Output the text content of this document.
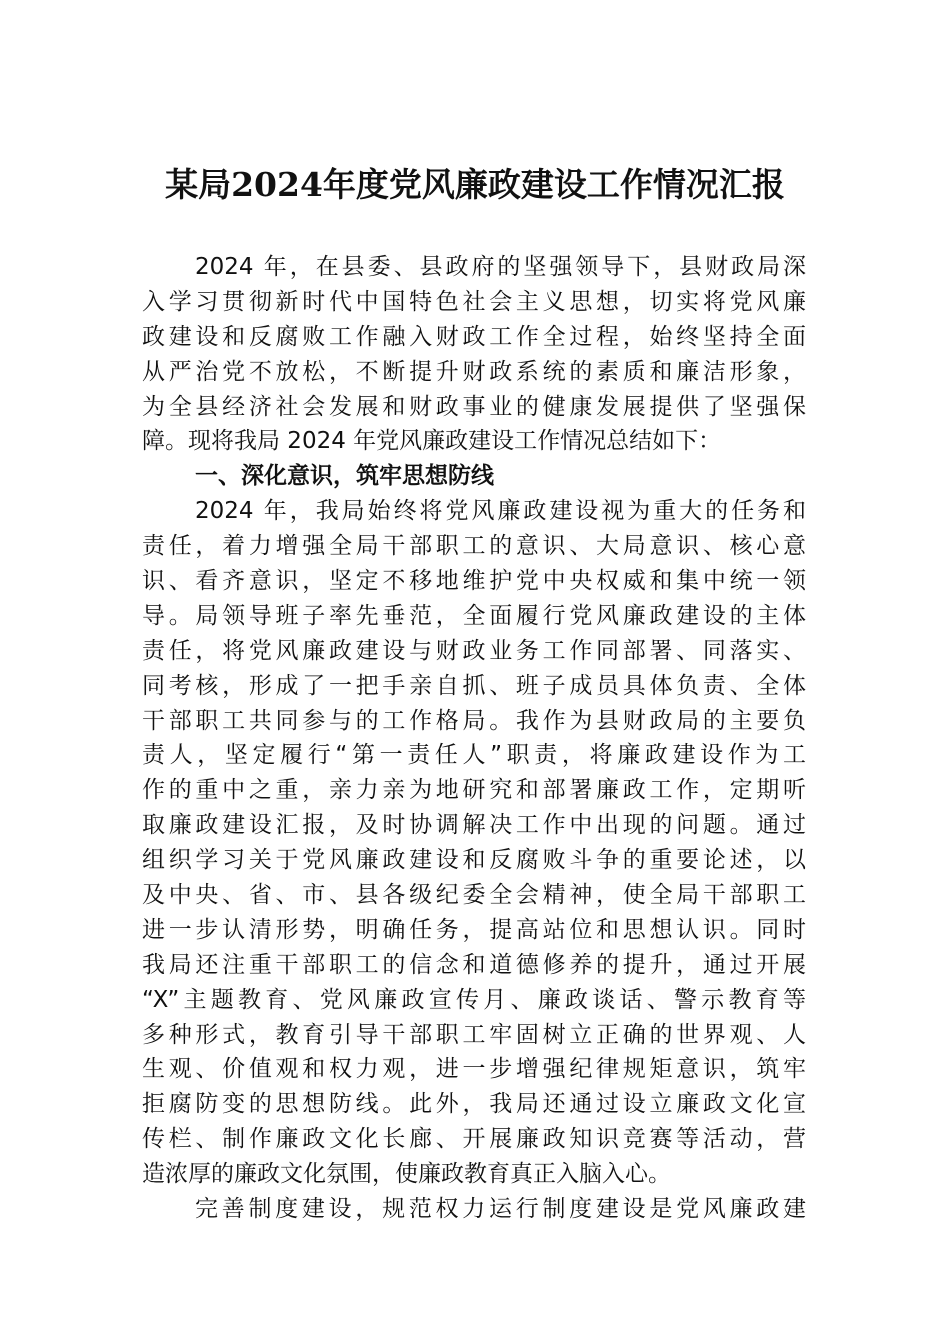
某局2024年度党风廉政建设工作情况汇报
2024 年，在县委、县政府的坚强领导下，县财政局深
入学习贯彻新时代中国特色社会主义思想，切实将党风廉
政建设和反腐败工作融入财政工作全过程，始终坚持全面
从严治党不放松，不断提升财政系统的素质和廉洁形象，
为全县经济社会发展和财政事业的健康发展提供了坚强保
障。现将我局 2024 年党风廉政建设工作情况总结如下：
一、深化意识，筑牢思想防线
2024 年，我局始终将党风廉政建设视为重大的任务和
责任，着力增强全局干部职工的意识、大局意识、核心意
识、看齐意识，坚定不移地维护党中央权威和集中统一领
导。局领导班子率先垂范，全面履行党风廉政建设的主体
责任，将党风廉政建设与财政业务工作同部署、同落实、
同考核，形成了一把手亲自抓、班子成员具体负责、全体
干部职工共同参与的工作格局。我作为县财政局的主要负
责人，坚定履行“第一责任人”职责，将廉政建设作为工
作的重中之重，亲力亲为地研究和部署廉政工作，定期听
取廉政建设汇报，及时协调解决工作中出现的问题。通过
组织学习关于党风廉政建设和反腐败斗争的重要论述，以
及中央、省、市、县各级纪委全会精神，使全局干部职工
进一步认清形势，明确任务，提高站位和思想认识。同时
我局还注重干部职工的信念和道德修养的提升，通过开展
“X”主题教育、党风廉政宣传月、廉政谈话、警示教育等
多种形式，教育引导干部职工牢固树立正确的世界观、人
生观、价值观和权力观，进一步增强纪律规矩意识，筑牢
拒腐防变的思想防线。此外，我局还通过设立廉政文化宣
传栏、制作廉政文化长廊、开展廉政知识竞赛等活动，营
造浓厚的廉政文化氛围，使廉政教育真正入脑入心。
完善制度建设，规范权力运行制度建设是党风廉政建
